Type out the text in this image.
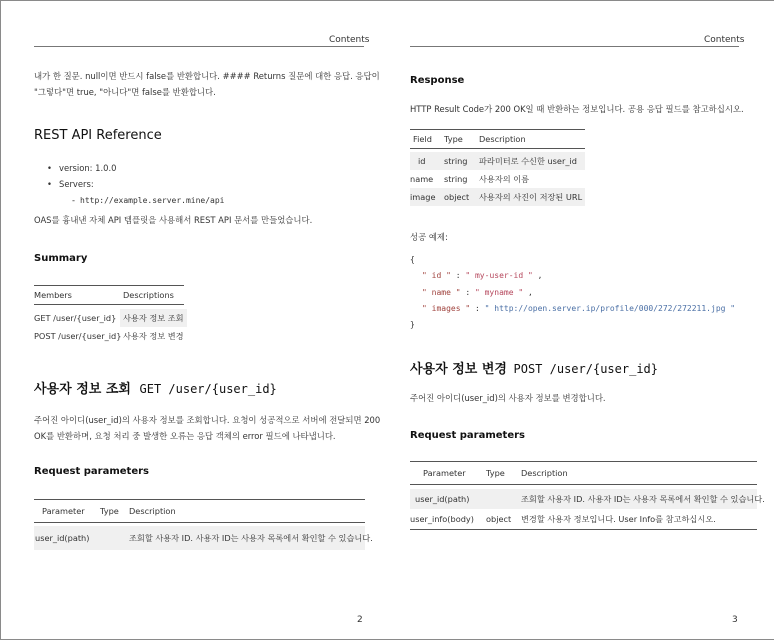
Contents
내가 한 질문. null이면 반드시 false를 반환합니다. #### Returns 질문에 대한 응답. 응답이
"그렇다"면 true, "아니다"면 false를 반환합니다.
REST API Reference
• version: 1.0.0
• Servers:
- http://example.server.mine/api
OAS를 흉내낸 자체 API 템플릿을 사용해서 REST API 문서를 만들었습니다.
Summary
Members	Descriptions
GET /user/{user_id} 사용자 정보 조회
POST /user/{user_id} 사용자 정보 변경
사용자 정보 조회 GET /user/{user_id}
주어진 아이디(user_id)의 사용자 정보를 조회합니다. 요청이 성공적으로 서버에 전달되면 200
OK를 반환하며, 요청 처리 중 발생한 오류는 응답 객체의 error 필드에 나타냅니다.
Request parameters
Parameter Type Description
user_id(path)	조회할 사용자 ID. 사용자 ID는 사용자 목록에서 확인할 수 있습니다.
2
Contents
Response
HTTP Result Code가 200 OK일 때 반환하는 정보입니다. 공용 응답 필드를 참고하십시오.
Field Type Description
id string 파라미터로 수신한 user_id
name string 사용자의 이름
image object 사용자의 사진이 저장된 URL
성공 예제:
{
" id " : " my-user-id " ,
" name " : " myname " ,
" images " : " http://open.server.ip/profile/000/272/272211.jpg "
}
사용자 정보 변경 POST /user/{user_id}
주어진 아이디(user_id)의 사용자 정보를 변경합니다.
Request parameters
Parameter Type Description
user_id(path)	조회할 사용자 ID. 사용자 ID는 사용자 목록에서 확인할 수 있습니다.
user_info(body) object 변경할 사용자 정보입니다. User Info를 참고하십시오.
3
